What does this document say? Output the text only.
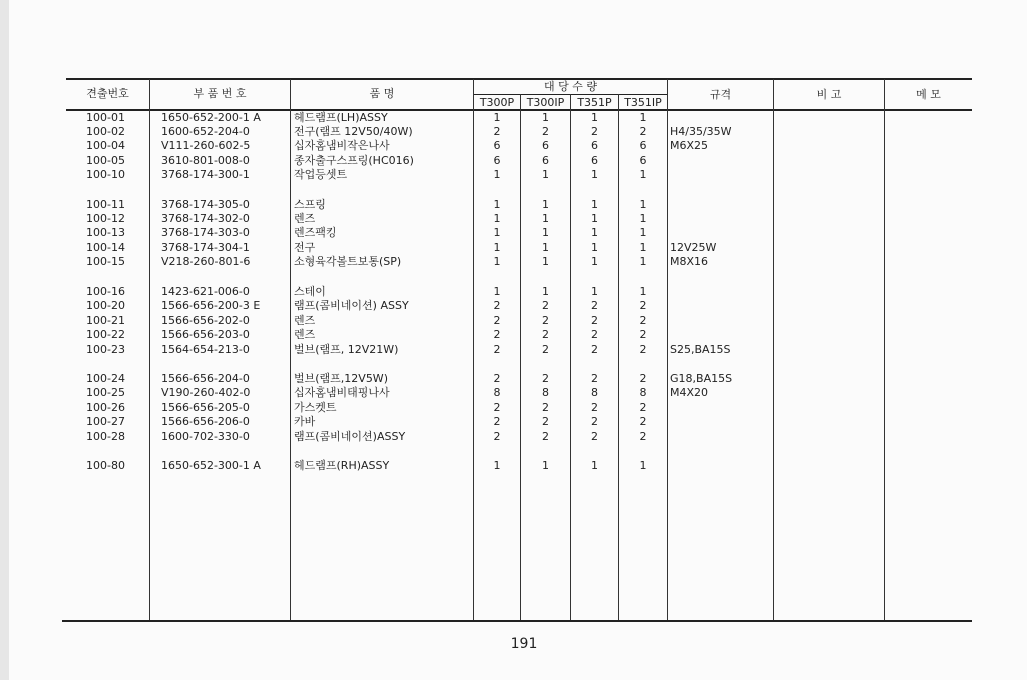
견출번호	부 품 번 호	품 명
대 당 수 량
T300P	T300IP	T351P	T351IP
규격	비 고	메 모
100-01	1650-652-200-1 A	헤드램프(LH)ASSY	1	1	1	1
100-02	1600-652-204-0	전구(램프 12V50/40W)	2	2	2	2	H4/35/35W
100-04	V111-260-602-5	십자홈냄비작은나사	6	6	6	6	M6X25
100-05	3610-801-008-0	종자출구스프링(HC016)	6	6	6	6
100-10	3768-174-300-1	작업등셋트	1	1	1	1
100-11	3768-174-305-0	스프링	1	1	1	1
100-12	3768-174-302-0	렌즈	1	1	1	1
100-13	3768-174-303-0	렌즈팩킹	1	1	1	1
100-14	3768-174-304-1	전구	1	1	1	1	12V25W
100-15	V218-260-801-6	소형육각볼트보통(SP)	1	1	1	1	M8X16
100-16	1423-621-006-0	스테이	1	1	1	1
100-20	1566-656-200-3 E	램프(콤비네이션) ASSY	2	2	2	2
100-21	1566-656-202-0	렌즈	2	2	2	2
100-22	1566-656-203-0	렌즈	2	2	2	2
100-23	1564-654-213-0	벌브(램프, 12V21W)	2	2	2	2	S25,BA15S
100-24	1566-656-204-0	벌브(램프,12V5W)	2	2	2	2	G18,BA15S
100-25	V190-260-402-0	십자홈냄비태핑나사	8	8	8	8	M4X20
100-26	1566-656-205-0	가스켓트	2	2	2	2
100-27	1566-656-206-0	카바	2	2	2	2
100-28	1600-702-330-0	램프(콤비네이션)ASSY	2	2	2	2
100-80	1650-652-300-1 A	헤드램프(RH)ASSY	1	1	1	1
191
